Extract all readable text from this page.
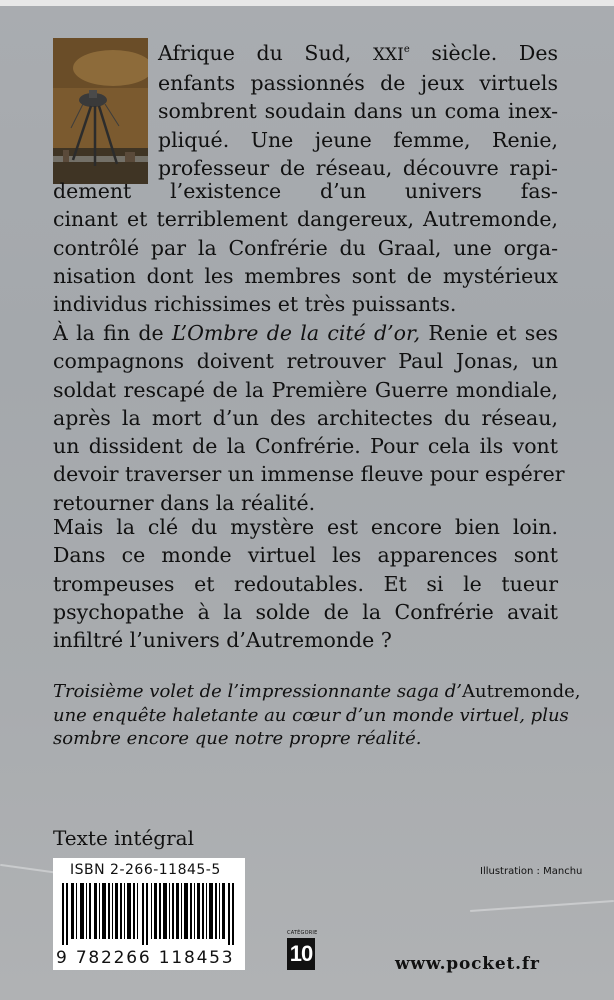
Afrique du Sud, XXIe siècle. Des
enfants passionnés de jeux virtuels
sombrent soudain dans un coma inex-
pliqué. Une jeune femme, Renie,
professeur de réseau, découvre rapi-
dement l’existence d’un univers fas-
cinant et terriblement dangereux, Autremonde,
contrôlé par la Confrérie du Graal, une orga-
nisation dont les membres sont de mystérieux
individus richissimes et très puissants.
À la fin de L’Ombre de la cité d’or, Renie et ses
compagnons doivent retrouver Paul Jonas, un
soldat rescapé de la Première Guerre mondiale,
après la mort d’un des architectes du réseau,
un dissident de la Confrérie. Pour cela ils vont
devoir traverser un immense fleuve pour espérer
retourner dans la réalité.
Mais la clé du mystère est encore bien loin.
Dans ce monde virtuel les apparences sont
trompeuses et redoutables. Et si le tueur
psychopathe à la solde de la Confrérie avait
infiltré l’univers d’Autremonde ?
Troisième volet de l’impressionnante saga d’Autremonde,
une enquête haletante au cœur d’un monde virtuel, plus
sombre encore que notre propre réalité.
Texte intégral
ISBN 2-266-11845-5
9 782266 118453
Illustration : Manchu
CATÉGORIE
10	www.pocket.fr
